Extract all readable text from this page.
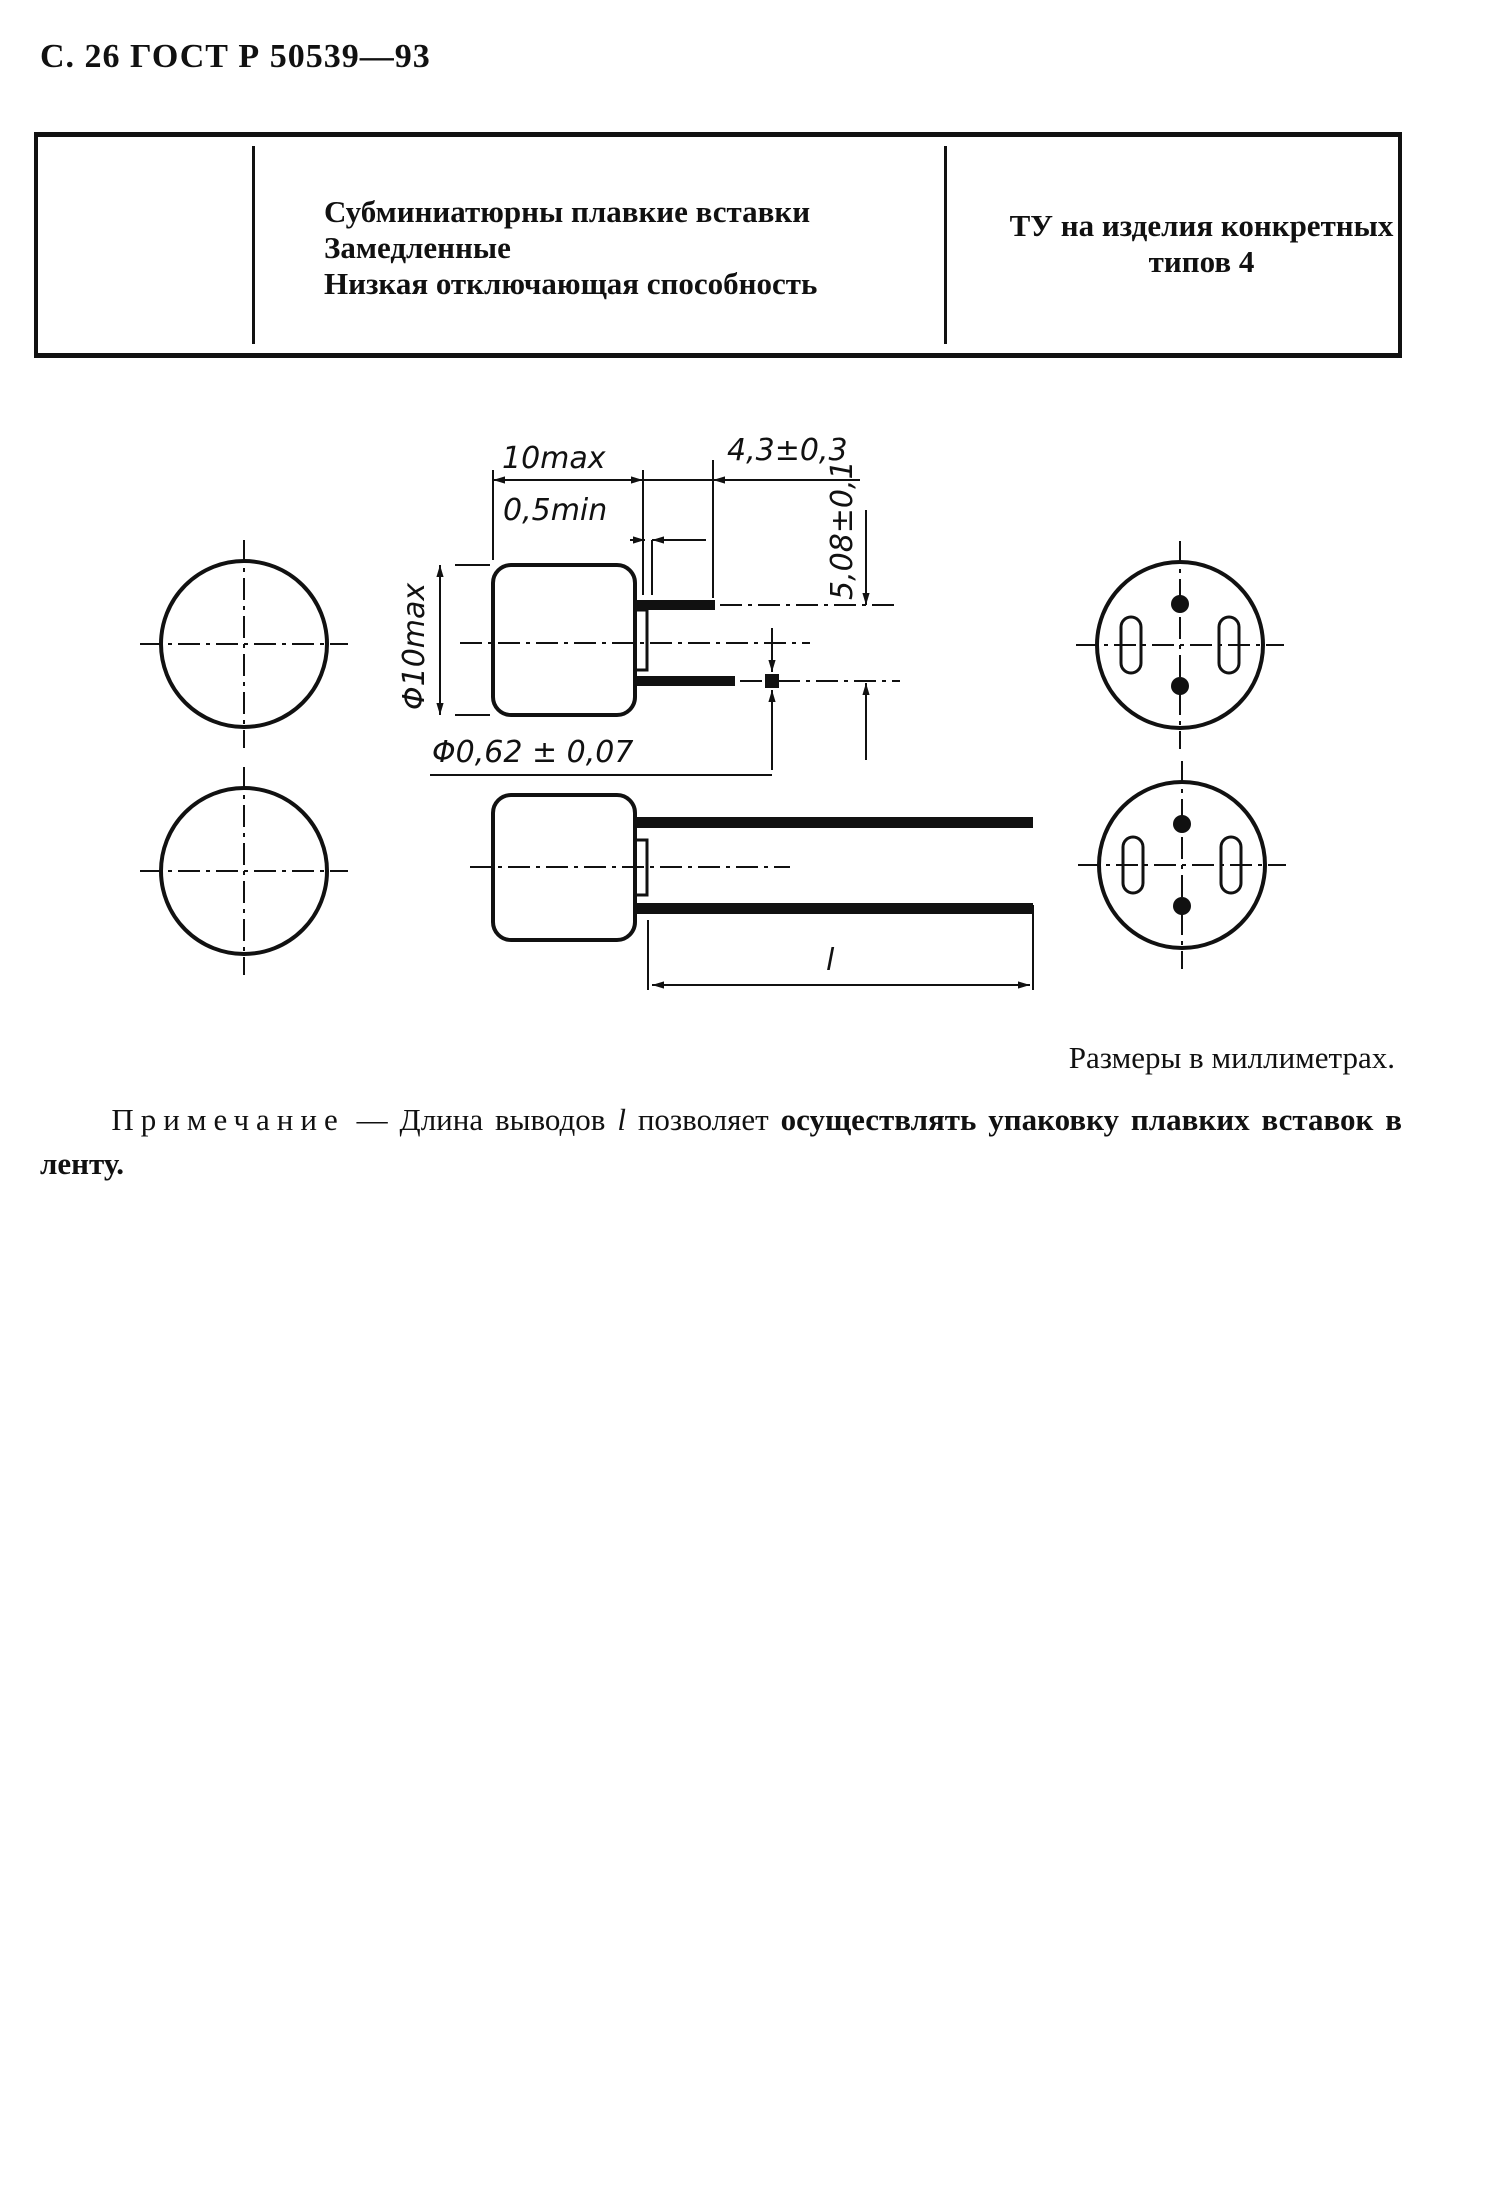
С. 26 ГОСТ Р 50539—93
Субминиатюрны плавкие вставки
Замедленные
Низкая отключающая способность
ТУ на изделия конкретных типов 4
10max
0,5min
4,3±0,3
5,08±0,1
Φ10max
Φ0,62 ± 0,07
l
Размеры в миллиметрах.
Примечание — Длина выводов l позволяет осуществлять упаковку плавких вставок в ленту.
